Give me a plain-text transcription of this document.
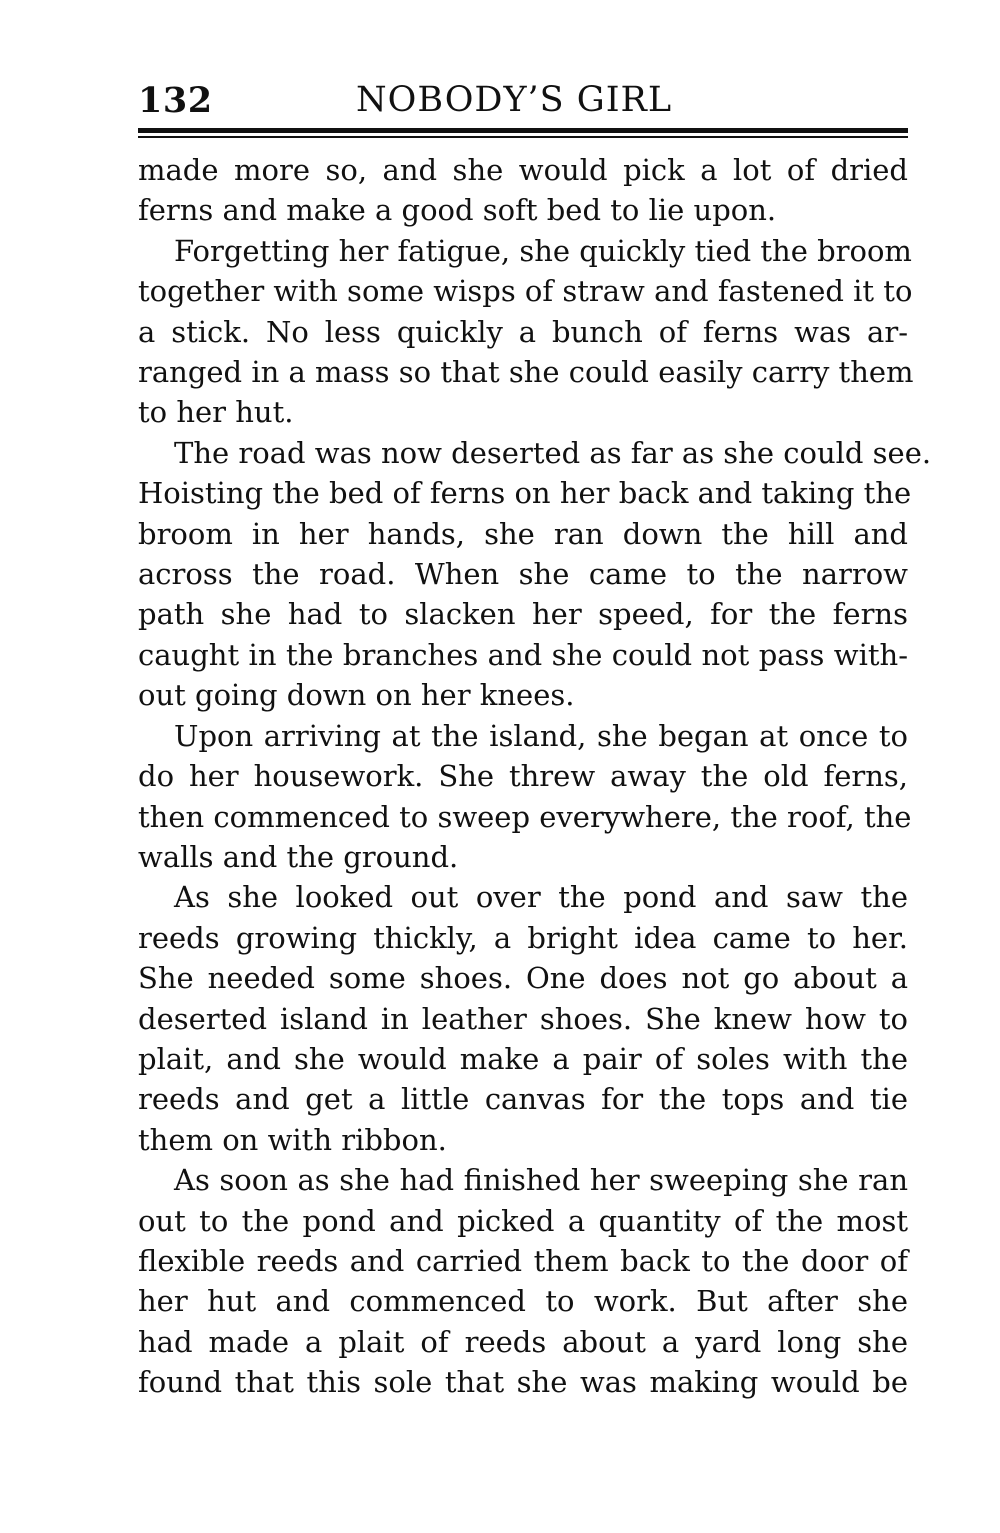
132	NOBODY’S GIRL

made more so, and she would pick a lot of dried
ferns and make a good soft bed to lie upon.

Forgetting her fatigue, she quickly tied the broom
together with some wisps of straw and fastened it to
a stick. No less quickly a bunch of ferns was ar-
ranged in a mass so that she could easily carry them
to her hut.

The road was now deserted as far as she could see.
Hoisting the bed of ferns on her back and taking the
broom in her hands, she ran down the hill and
across the road. When she came to the narrow
path she had to slacken her speed, for the ferns
caught in the branches and she could not pass with-
out going down on her knees.

Upon arriving at the island, she began at once to
do her housework. She threw away the old ferns,
then commenced to sweep everywhere, the roof, the
walls and the ground.

As she looked out over the pond and saw the
reeds growing thickly, a bright idea came to her.
She needed some shoes. One does not go about a
deserted island in leather shoes. She knew how to
plait, and she would make a pair of soles with the
reeds and get a little canvas for the tops and tie
them on with ribbon.

As soon as she had finished her sweeping she ran
out to the pond and picked a quantity of the most
flexible reeds and carried them back to the door of
her hut and commenced to work. But after she
had made a plait of reeds about a yard long she
found that this sole that she was making would be
